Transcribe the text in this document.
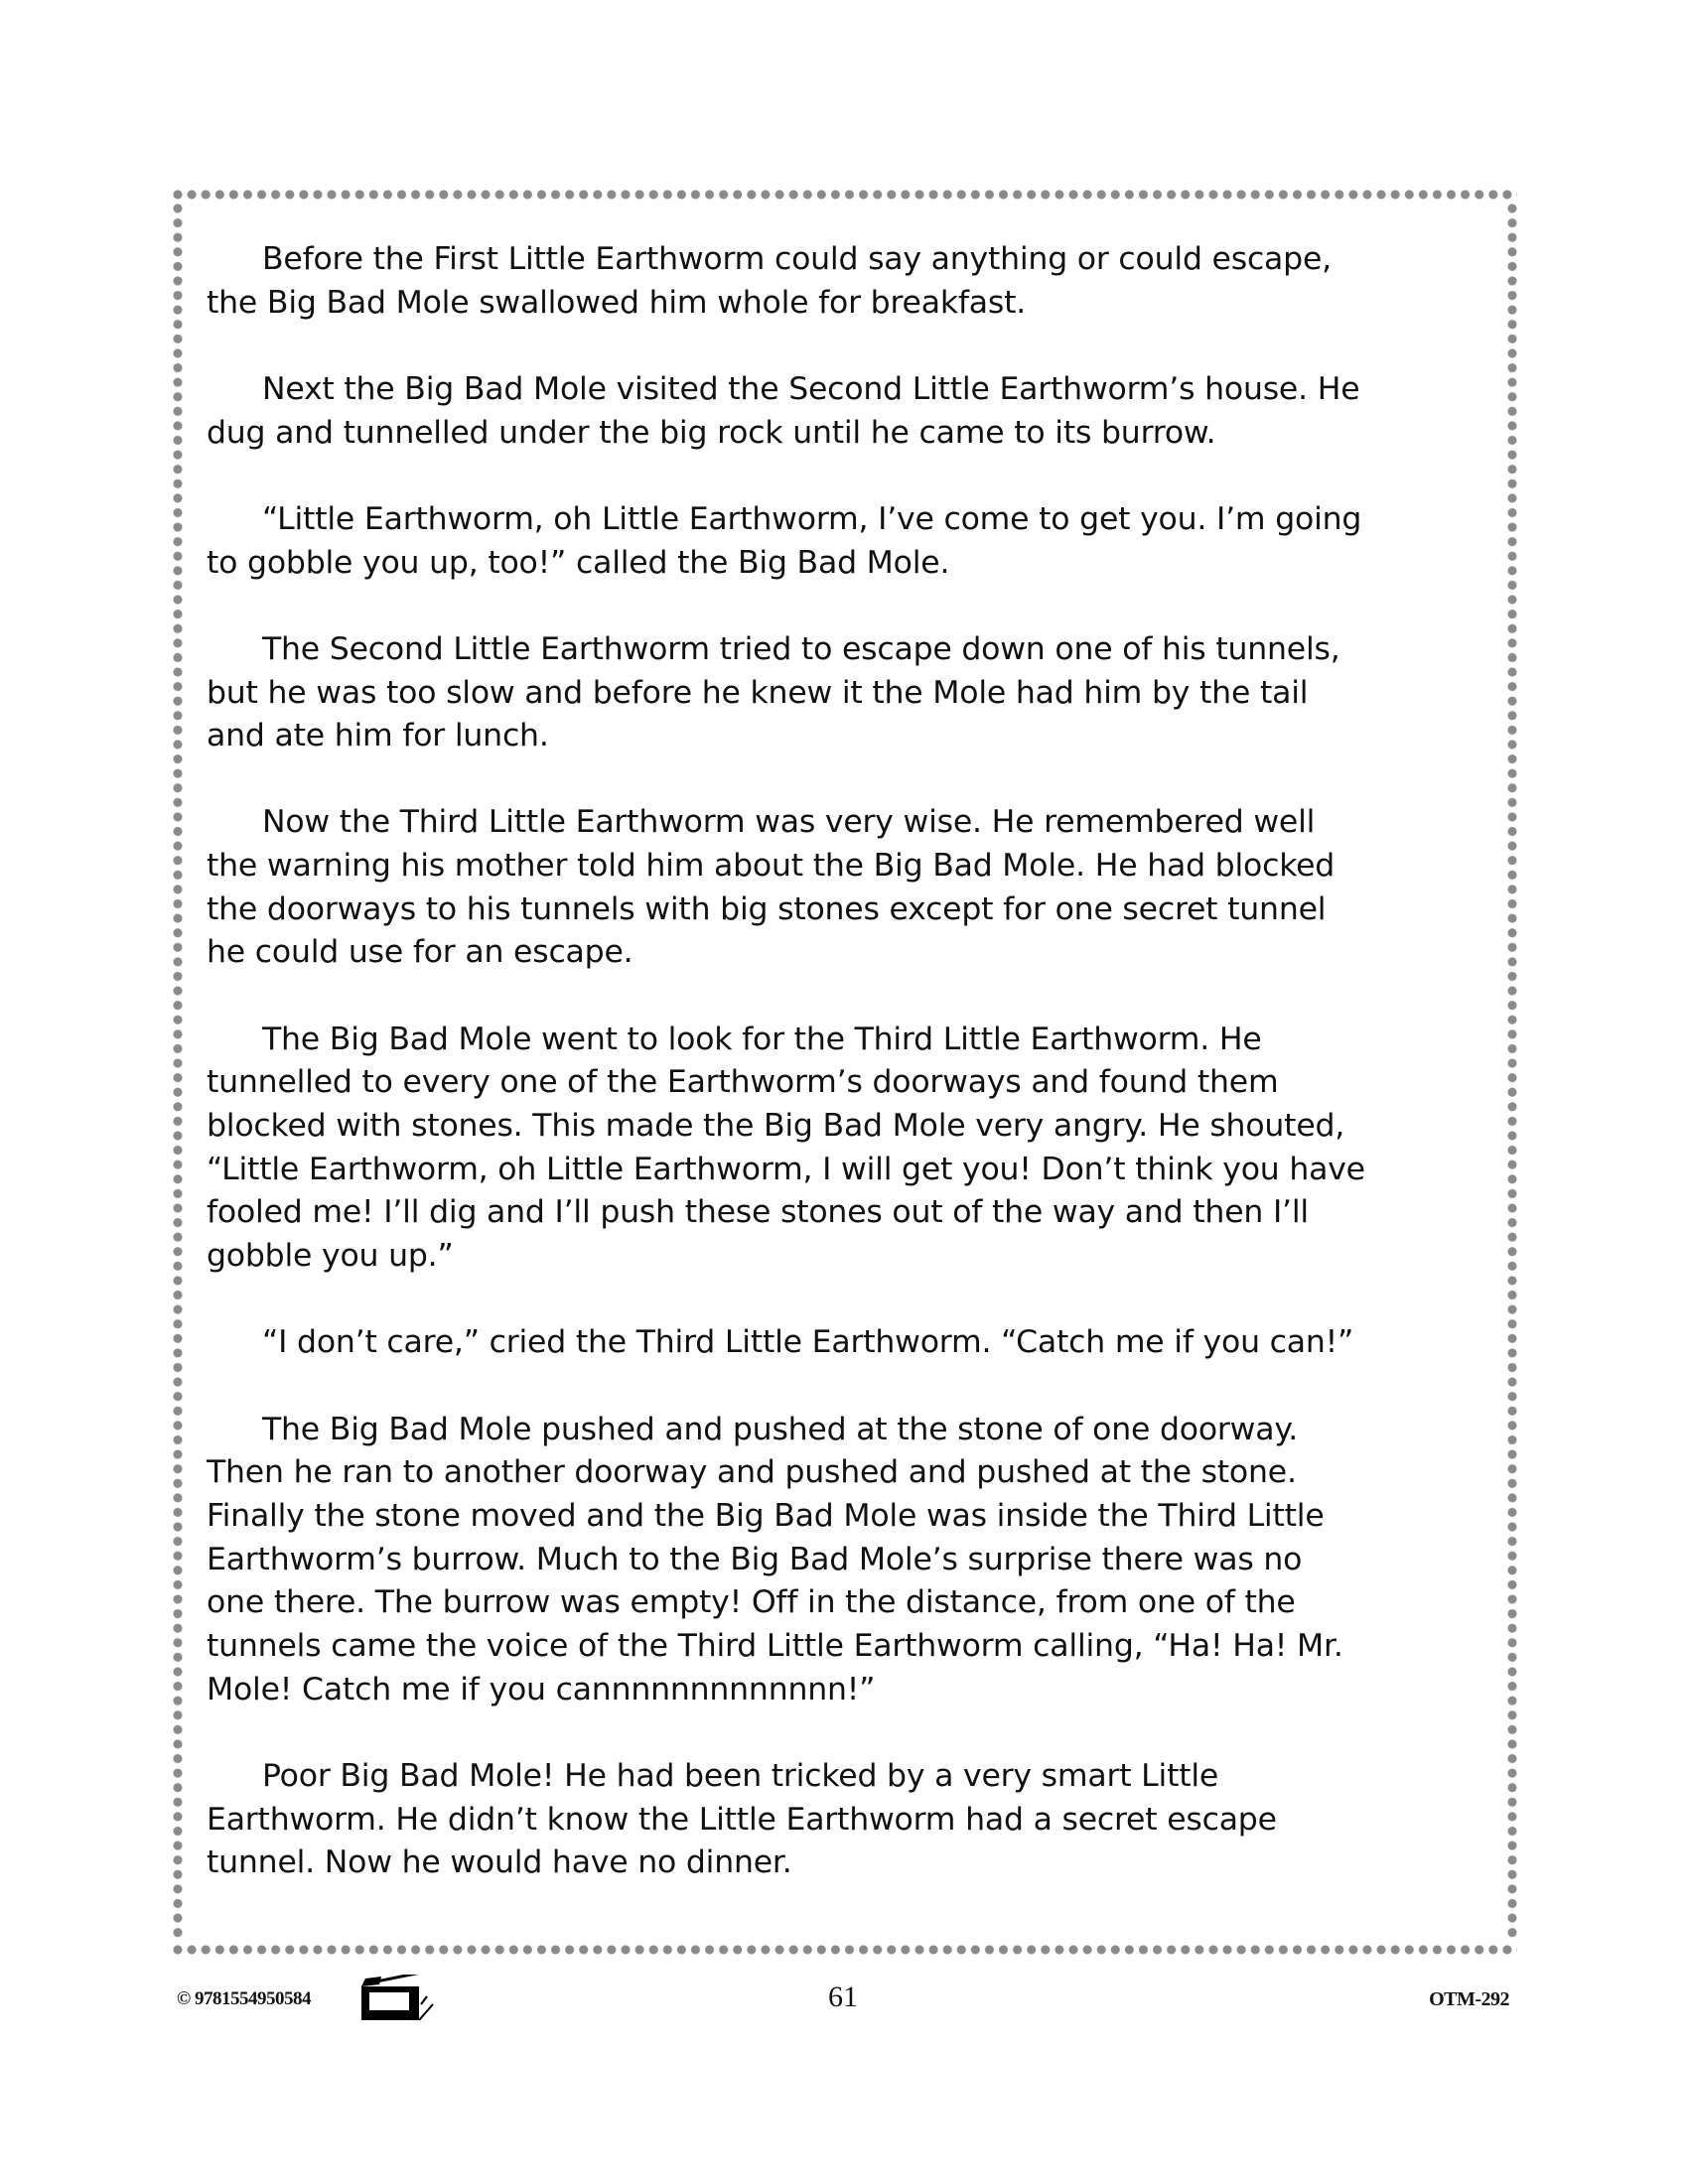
Before the First Little Earthworm could say anything or could escape,
the Big Bad Mole swallowed him whole for breakfast.

Next the Big Bad Mole visited the Second Little Earthworm’s house. He
dug and tunnelled under the big rock until he came to its burrow.

“Little Earthworm, oh Little Earthworm, I’ve come to get you. I’m going
to gobble you up, too!” called the Big Bad Mole.

The Second Little Earthworm tried to escape down one of his tunnels,
but he was too slow and before he knew it the Mole had him by the tail
and ate him for lunch.

Now the Third Little Earthworm was very wise. He remembered well
the warning his mother told him about the Big Bad Mole. He had blocked
the doorways to his tunnels with big stones except for one secret tunnel
he could use for an escape.

The Big Bad Mole went to look for the Third Little Earthworm. He
tunnelled to every one of the Earthworm’s doorways and found them
blocked with stones. This made the Big Bad Mole very angry. He shouted,
“Little Earthworm, oh Little Earthworm, I will get you! Don’t think you have
fooled me! I’ll dig and I’ll push these stones out of the way and then I’ll
gobble you up.”

“I don’t care,” cried the Third Little Earthworm. “Catch me if you can!”

The Big Bad Mole pushed and pushed at the stone of one doorway.
Then he ran to another doorway and pushed and pushed at the stone.
Finally the stone moved and the Big Bad Mole was inside the Third Little
Earthworm’s burrow. Much to the Big Bad Mole’s surprise there was no
one there. The burrow was empty! Off in the distance, from one of the
tunnels came the voice of the Third Little Earthworm calling, “Ha! Ha! Mr.
Mole! Catch me if you cannnnnnnnnnnnn!”

Poor Big Bad Mole! He had been tricked by a very smart Little
Earthworm. He didn’t know the Little Earthworm had a secret escape
tunnel. Now he would have no dinner.

© 9781554950584	61	OTM-292
